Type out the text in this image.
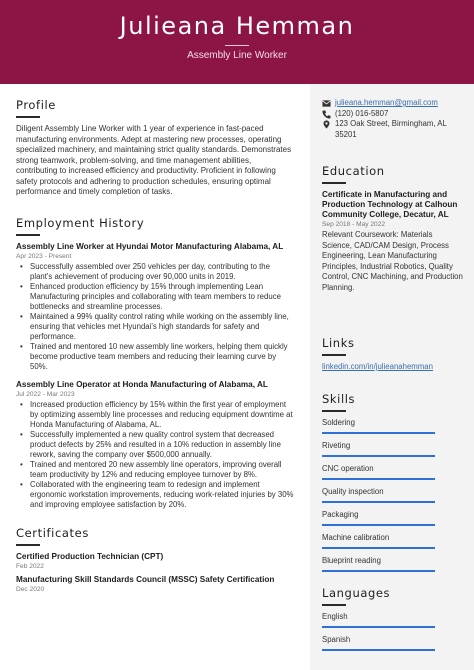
Julieana Hemman
Assembly Line Worker
Profile
Diligent Assembly Line Worker with 1 year of experience in fast-paced manufacturing environments. Adept at mastering new processes, operating specialized machinery, and maintaining strict quality standards. Demonstrates strong teamwork, problem-solving, and time management abilities, contributing to increased efficiency and productivity. Proficient in following safety protocols and adhering to production schedules, ensuring optimal performance and timely completion of tasks.
Employment History
Assembly Line Worker at Hyundai Motor Manufacturing Alabama, AL
Apr 2023 - Present
• Successfully assembled over 250 vehicles per day, contributing to the plant's achievement of producing over 90,000 units in 2019.
• Enhanced production efficiency by 15% through implementing Lean Manufacturing principles and collaborating with team members to reduce bottlenecks and streamline processes.
• Maintained a 99% quality control rating while working on the assembly line, ensuring that vehicles met Hyundai's high standards for safety and performance.
• Trained and mentored 10 new assembly line workers, helping them quickly become productive team members and reducing their learning curve by 50%.
Assembly Line Operator at Honda Manufacturing of Alabama, AL
Jul 2022 - Mar 2023
• Increased production efficiency by 15% within the first year of employment by optimizing assembly line processes and reducing equipment downtime at Honda Manufacturing of Alabama, AL.
• Successfully implemented a new quality control system that decreased product defects by 25% and resulted in a 10% reduction in assembly line rework, saving the company over $500,000 annually.
• Trained and mentored 20 new assembly line operators, improving overall team productivity by 12% and reducing employee turnover by 8%.
• Collaborated with the engineering team to redesign and implement ergonomic workstation improvements, reducing work-related injuries by 30% and improving employee satisfaction by 20%.
Certificates
Certified Production Technician (CPT)
Feb 2022
Manufacturing Skill Standards Council (MSSC) Safety Certification
Dec 2020
julieana.hemman@gmail.com
(120) 016-5807
123 Oak Street, Birmingham, AL
35201
Education
Certificate in Manufacturing and Production Technology at Calhoun Community College, Decatur, AL
Sep 2018 - May 2022
Relevant Coursework: Materials Science, CAD/CAM Design, Process Engineering, Lean Manufacturing Principles, Industrial Robotics, Quality Control, CNC Machining, and Production Planning.
Links
linkedin.com/in/julieanahemman
Skills
Soldering
Riveting
CNC operation
Quality inspection
Packaging
Machine calibration
Blueprint reading
Languages
English
Spanish
